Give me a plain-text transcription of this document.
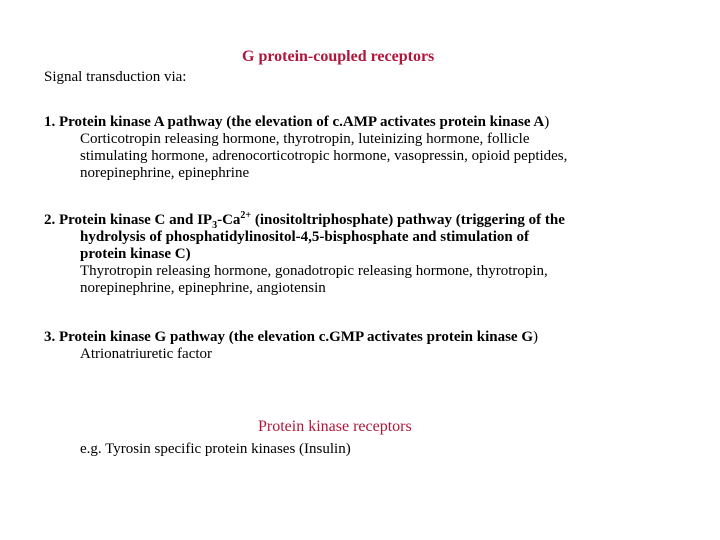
G protein-coupled receptors
Signal transduction via:
1. Protein kinase A pathway (the elevation of c.AMP activates protein kinase A)
Corticotropin releasing hormone, thyrotropin, luteinizing hormone, follicle
stimulating hormone, adrenocorticotropic hormone, vasopressin, opioid peptides,
norepinephrine, epinephrine
2. Protein kinase C and $IP_3-Ca^{2+}$ (inositoltriphosphate) pathway (triggering of the
hydrolysis of phosphatidylinositol-4,5-bisphosphate and stimulation of
protein kinase C)
Thyrotropin releasing hormone, gonadotropic releasing hormone, thyrotropin,
norepinephrine, epinephrine, angiotensin
3. Protein kinase G pathway (the elevation c.GMP activates protein kinase G)
Atrionatriuretic factor
Protein kinase receptors
e.g. Tyrosin specific protein kinases (Insulin)
